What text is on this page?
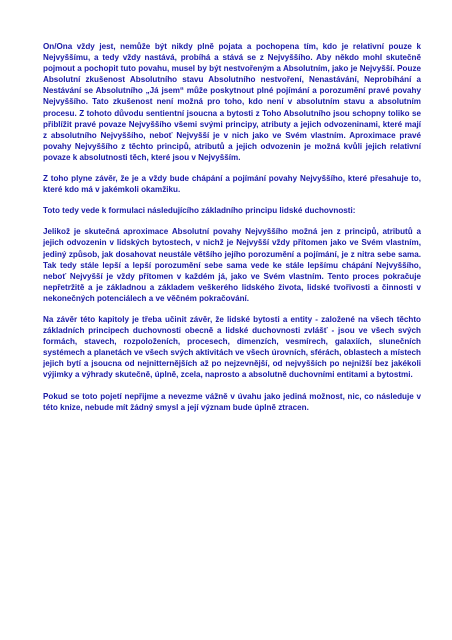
On/Ona vždy jest, nemůže být nikdy plně pojata a pochopena tím, kdo je relativní pouze k Nejvyššímu, a tedy vždy nastává, probíhá a stává se z Nejvyššího. Aby někdo mohl skutečně pojmout a pochopit tuto povahu, musel by být nestvořeným a Absolutním, jako je Nejvyšší. Pouze Absolutní zkušenost Absolutního stavu Absolutního nestvoření, Nenastávání, Neprobíhání a Nestávání se Absolutního „Já jsem“ může poskytnout plné pojímání a porozumění pravé povahy Nejvyššího. Tato zkušenost není možná pro toho, kdo není v absolutním stavu a absolutním procesu. Z tohoto důvodu sentientní jsoucna a bytosti z Toho Absolutního jsou schopny toliko se přiblížit pravé povaze Nejvyššího všemi svými principy, atributy a jejich odvozeninami, které mají z absolutního Nejvyššího, neboť Nejvyšší je v nich jako ve Svém vlastním. Aproximace pravé povahy Nejvyššího z těchto principů, atributů a jejich odvozenin je možná kvůli jejich relativní povaze k absolutnosti těch, které jsou v Nejvyšším.

Z toho plyne závěr, že je a vždy bude chápání a pojímání povahy Nejvyššího, které přesahuje to, které kdo má v jakémkoli okamžiku.

Toto tedy vede k formulaci následujícího základního principu lidské duchovnosti:

Jelikož je skutečná aproximace Absolutní povahy Nejvyššího možná jen z principů, atributů a jejich odvozenin v lidských bytostech, v nichž je Nejvyšší vždy přítomen jako ve Svém vlastním, jediný způsob, jak dosahovat neustále většího jejího porozumění a pojímání, je z nitra sebe sama. Tak tedy stále lepší a lepší porozumění sebe sama vede ke stále lepšímu chápání Nejvyššího, neboť Nejvyšší je vždy přítomen v každém já, jako ve Svém vlastním. Tento proces pokračuje nepřetržitě a je základnou a základem veškerého lidského života, lidské tvořivosti a činnosti v nekonečných potenciálech a ve věčném pokračování.

Na závěr této kapitoly je třeba učinit závěr, že lidské bytosti a entity - založené na všech těchto základních principech duchovnosti obecně a lidské duchovnosti zvlášť - jsou ve všech svých formách, stavech, rozpoloženích, procesech, dimenzích, vesmírech, galaxiích, slunečních systémech a planetách ve všech svých aktivitách ve všech úrovních, sférách, oblastech a místech jejich bytí a jsoucna od nejnitternějších až po nejzevnější, od nejvyšších po nejnižší bez jakékoli výjimky a výhrady skutečně, úplně, zcela, naprosto a absolutně duchovními entitami a bytostmi.

Pokud se toto pojetí nepřijme a nevezme vážně v úvahu jako jediná možnost, nic, co následuje v této knize, nebude mít žádný smysl a její význam bude úplně ztracen.
